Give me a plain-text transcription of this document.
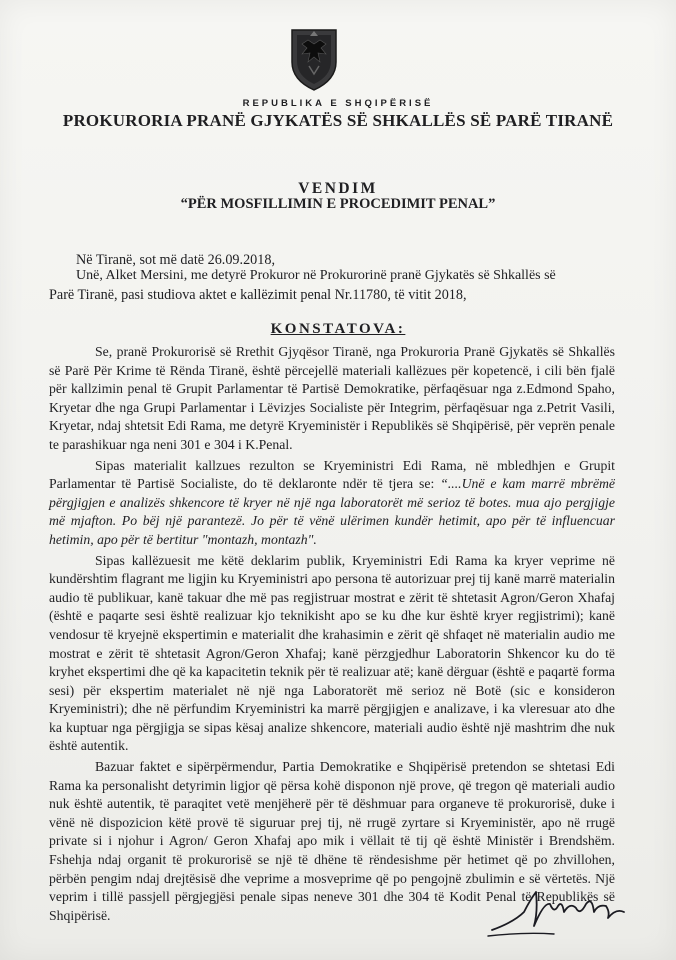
REPUBLIKA E SHQIPËRISË
PROKURORIA PRANË GJYKATËS SË SHKALLËS SË PARË TIRANË
VENDIM
“PËR MOSFILLIMIN E PROCEDIMIT PENAL”
Në Tiranë, sot më datë 26.09.2018,
Unë, Alket Mersini, me detyrë Prokuror në Prokurorinë pranë Gjykatës së Shkallës së
Parë Tiranë, pasi studiova aktet e kallëzimit penal Nr.11780, të vitit 2018,
KONSTATOVA:

Se, pranë Prokurorisë së Rrethit Gjyqësor Tiranë, nga Prokuroria Pranë Gjykatës së Shkallës së Parë Për Krime të Rënda Tiranë, është përcejellë materiali kallëzues për kopetencë, i cili bën fjalë për kallzimin penal të Grupit Parlamentar të Partisë Demokratike, përfaqësuar nga z.Edmond Spaho, Kryetar dhe nga Grupi Parlamentar i Lëvizjes Socialiste për Integrim, përfaqësuar nga z.Petrit Vasili, Kryetar, ndaj shtetsit Edi Rama, me detyrë Kryeministër i Republikës së Shqipërisë, për veprën penale te parashikuar nga neni 301 e 304 i K.Penal.

Sipas materialit kallzues rezulton se Kryeministri Edi Rama, në mbledhjen e Grupit Parlamentar të Partisë Socialiste, do të deklaronte ndër të tjera se: “....Unë e kam marrë mbrëmë përgjigjen e analizës shkencore të kryer në një nga laboratorët më serioz të botes. mua ajo pergjigje më mjafton. Po bëj një parantezë. Jo për të vënë ulërimen kundër hetimit, apo për të influencuar hetimin, apo për të bertitur "montazh, montazh".

Sipas kallëzuesit me këtë deklarim publik, Kryeministri Edi Rama ka kryer veprime në kundërshtim flagrant me ligjin ku Kryeministri apo persona të autorizuar prej tij kanë marrë materialin audio të publikuar, kanë takuar dhe më pas regjistruar mostrat e zërit të shtetasit Agron/Geron Xhafaj (është e paqarte sesi është realizuar kjo teknikisht apo se ku dhe kur është kryer regjistrimi); kanë vendosur të kryejnë ekspertimin e materialit dhe krahasimin e zërit që shfaqet në materialin audio me mostrat e zërit të shtetasit Agron/Geron Xhafaj; kanë përzgjedhur Laboratorin Shkencor ku do të kryhet ekspertimi dhe që ka kapacitetin teknik për të realizuar atë; kanë dërguar (është e paqartë forma sesi) për ekspertim materialet në një nga Laboratorët më serioz në Botë (sic e konsideron Kryeministri); dhe në përfundim Kryeministri ka marrë përgjigjen e analizave, i ka vleresuar ato dhe ka kuptuar nga përgjigja se sipas kësaj analize shkencore, materiali audio është një mashtrim dhe nuk është autentik.

Bazuar faktet e sipërpërmendur, Partia Demokratike e Shqipërisë pretendon se shtetasi Edi Rama ka personalisht detyrimin ligjor që përsa kohë disponon një prove, që tregon që materiali audio nuk është autentik, të paraqitet vetë menjëherë për të dëshmuar para organeve të prokurorisë, duke i vënë në dispozicion këtë provë të siguruar prej tij, në rrugë zyrtare si Kryeministër, apo në rrugë private si i njohur i Agron/ Geron Xhafaj apo mik i vëllait të tij që është Ministër i Brendshëm. Fshehja ndaj organit të prokurorisë se një të dhëne të rëndesishme për hetimet që po zhvillohen, përbën pengim ndaj drejtësisë dhe veprime a mosveprime që po pengojnë zbulimin e së vërtetës. Një veprim i tillë passjell përgjegjësi penale sipas neneve 301 dhe 304 të Kodit Penal të Republikës së Shqipërisë.
